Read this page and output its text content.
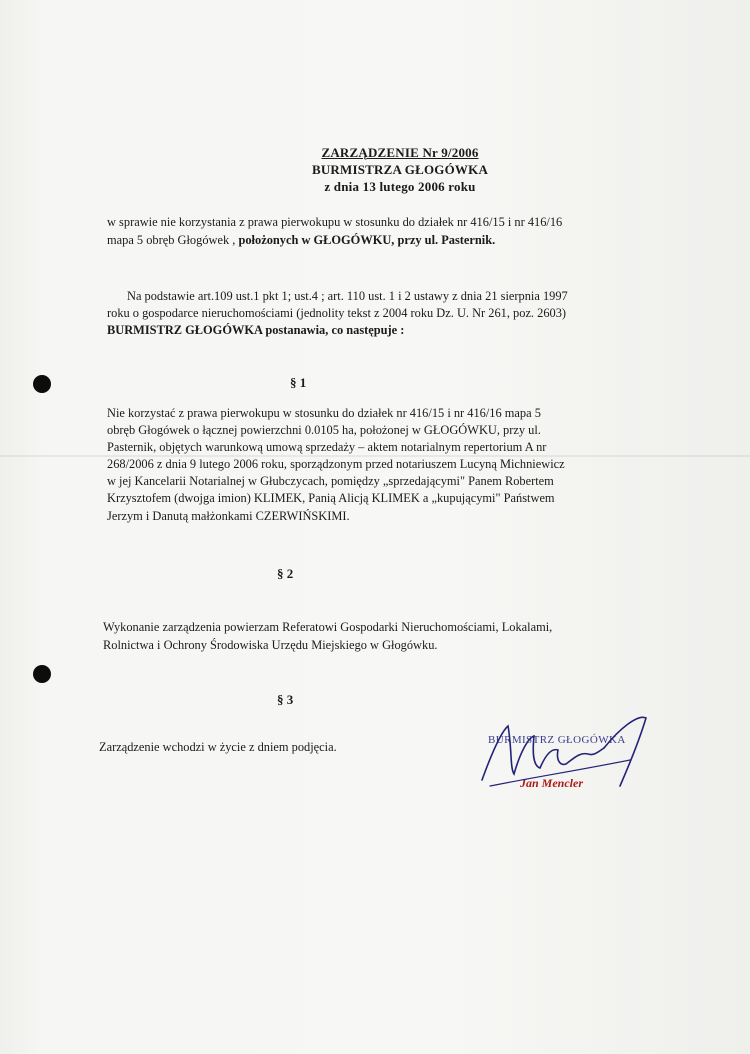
ZARZĄDZENIE Nr 9/2006
BURMISTRZA GŁOGÓWKA
z dnia 13 lutego 2006 roku
w sprawie nie korzystania z prawa pierwokupu w stosunku do działek nr 416/15 i nr 416/16
mapa 5 obręb Głogówek , położonych w GŁOGÓWKU, przy ul. Pasternik.
Na podstawie art.109 ust.1 pkt 1; ust.4 ; art. 110 ust. 1 i 2 ustawy z dnia 21 sierpnia 1997
roku o gospodarce nieruchomościami (jednolity tekst z 2004 roku Dz. U. Nr 261, poz. 2603)
BURMISTRZ GŁOGÓWKA postanawia, co następuje :
§ 1
Nie korzystać z prawa pierwokupu w stosunku do działek nr 416/15 i nr 416/16 mapa 5
obręb Głogówek o łącznej powierzchni 0.0105 ha, położonej w GŁOGÓWKU, przy ul.
Pasternik, objętych warunkową umową sprzedaży – aktem notarialnym repertorium A nr
268/2006 z dnia 9 lutego 2006 roku, sporządzonym przed notariuszem Lucyną Michniewicz
w jej Kancelarii Notarialnej w Głubczycach, pomiędzy „sprzedającymi" Panem Robertem
Krzysztofem (dwojga imion) KLIMEK, Panią Alicją KLIMEK a „kupującymi" Państwem
Jerzym i Danutą małżonkami CZERWIŃSKIMI.
§ 2
Wykonanie zarządzenia powierzam Referatowi Gospodarki Nieruchomościami, Lokalami,
Rolnictwa i Ochrony Środowiska Urzędu Miejskiego w Głogówku.
§ 3
Zarządzenie wchodzi w życie z dniem podjęcia.	BURMISTRZ GŁOGÓWKA
Jan Mencler
